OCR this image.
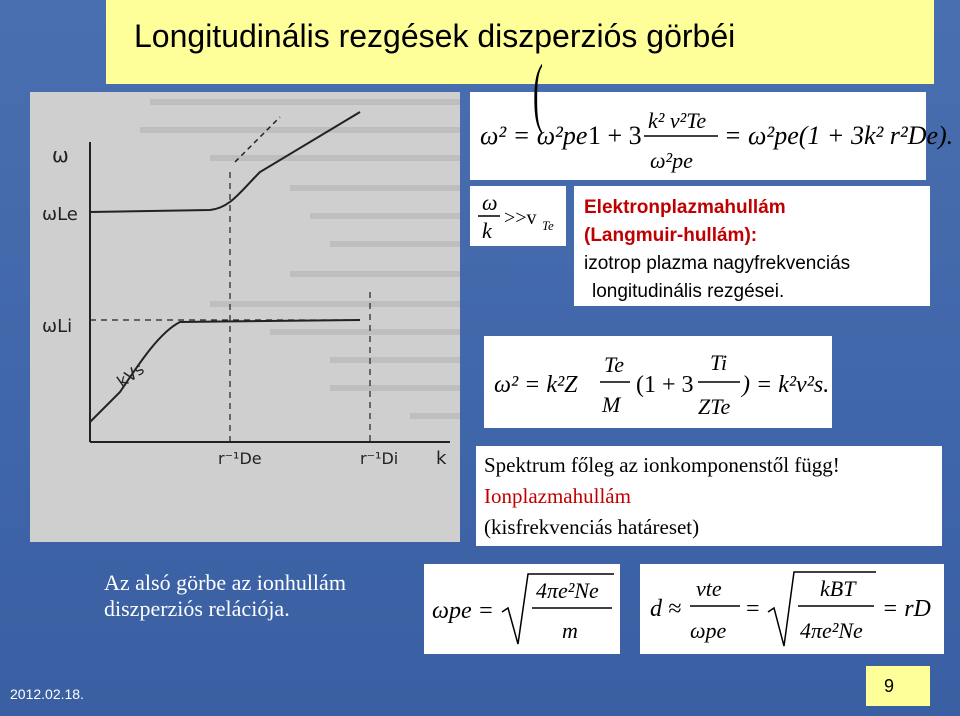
Longitudinális rezgések diszperziós görbéi
ω
ωLe
ωLi
kVs
r⁻¹De	r⁻¹Di k
ω² = ω²pe
(
1 + 3
k² v²Te
ω²pe
= ω²pe(1 + 3k² r²De).
ω
k >>v Te
Elektronplazmahullám
(Langmuir-hullám):
izotrop plazma nagyfrekvenciás
longitudinális rezgései.
ω² = k²Z
Te
M
(1 + 3
Ti
ZTe
) = k²v²s.
Spektrum főleg az ionkomponenstől függ!
Ionplazmahullám
(kisfrekvenciás határeset)
Az alsó görbe az ionhullám
diszperziós relációja.	ωpe =
4πe²Ne
m
d ≈
νte
ωpe
=
kBT
4πe²Ne
= rD
2012.02.18.	9
